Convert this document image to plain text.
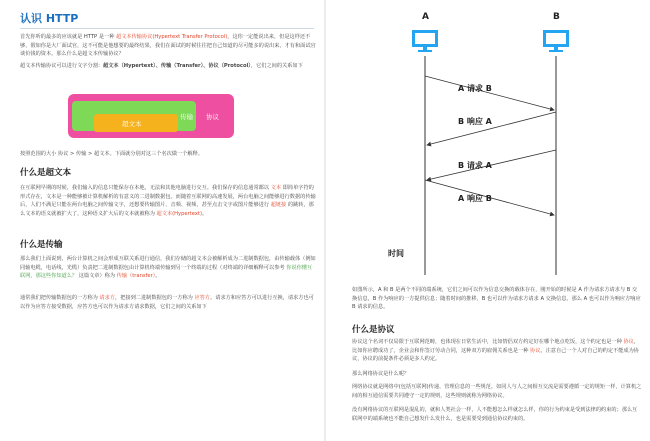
认识 HTTP
首先你听的最多的应该就是 HTTP 是一种 超文本传输协议(Hypertext Transfer Protocol)，这你一定能说出来，但是这样还不够，假如你是大厂面试官，这不可能是他想要的最终结果，我们在面试的时候往往把自己知道的尽可能多的说出来，才有和面试官谈价钱的资本。那么什么是超文本传输协议？
超文本传输协议可以进行文字分割：超文本（Hypertext）、传输（Transfer）、协议（Protocol），它们之间的关系如下
超文本
传输 协议
按照范围的大小 协议 > 传输 > 超文本。下面就分别对这三个名次做一个解释。
什么是超文本
在互联网早期的时候，我们输入的信息只能保存在本地，无法和其他电脑进行交互。我们保存的信息通常都以 文本 即简单字符的形式存在，文本是一种能够被计算机解析的有意义的二进制数据包。而随着互联网的高速发展，两台电脑之间能够进行数据的传输后，人们不满足只能在两台电脑之间传输文字，还想要传输图片、音频、视频，甚至点击文字或图片能够进行 超链接 的跳转，那么文本的语义就被扩大了，这种语义扩大后的文本就被称为 超文本(Hypertext)。
什么是传输
那么我们上面说到，两台计算机之间会形成互联关系进行通信，我们存储的超文本会被解析成为二进制数据包，由传输载体（例如同轴电缆，电话线，光缆）负责把二进制数据包由计算机终端传输到另一个终端的过程（对终端的详细解释可以参考 你说你懂互联网，那这些你知道么？ 这篇文章）称为 传输（transfer）。
通常我们把传输数据包的一方称为 请求方，把接到二进制数据包的一方称为 应答方。请求方和应答方可以进行互换，请求方也可以作为应答方接受数据，应答方也可以作为请求方请求数据，它们之间的关系如下
A	B
A 请求 B
B 响应 A
B 请求 A
A 响应 B
时间
如图所示，A 和 B 是两个不同的端系统，它们之间可以作为信息交换的载体存在，刚开始的时候是 A 作为请求方请求与 B 交换信息，B 作为响应的一方提供信息；随着时间的推移，B 也可以作为请求方请求 A 交换信息，那么 A 也可以作为响应方响应 B 请求的信息。
什么是协议
协议这个名词不仅局限于互联网范畴，也体现在日常生活中，比如情侣双方约定好在哪个地点吃饭，这个约定也是一种 协议，比如你应聘成功了，企业会和你签订劳动合同，这种双方的雇佣关系也是一种 协议。注意自己一个人对自己的约定不能成为协议，协议的前提条件必须是多人约定。
那么网络协议是什么呢？
网络协议就是网络中(包括互联网)传递、管理信息的一些规范。如同人与人之间相互交流是需要遵循一定的规矩一样，计算机之间的相互通信需要共同遵守一定的规则，这些规则就称为网络协议。
没有网络协议的互联网是混乱的，就和人类社会一样，人不能想怎么样就怎么样，你的行为约束是受到法律的约束的；那么互联网中的端系统也不能自己想发什么发什么，也是需要受到通信协议约束的。
